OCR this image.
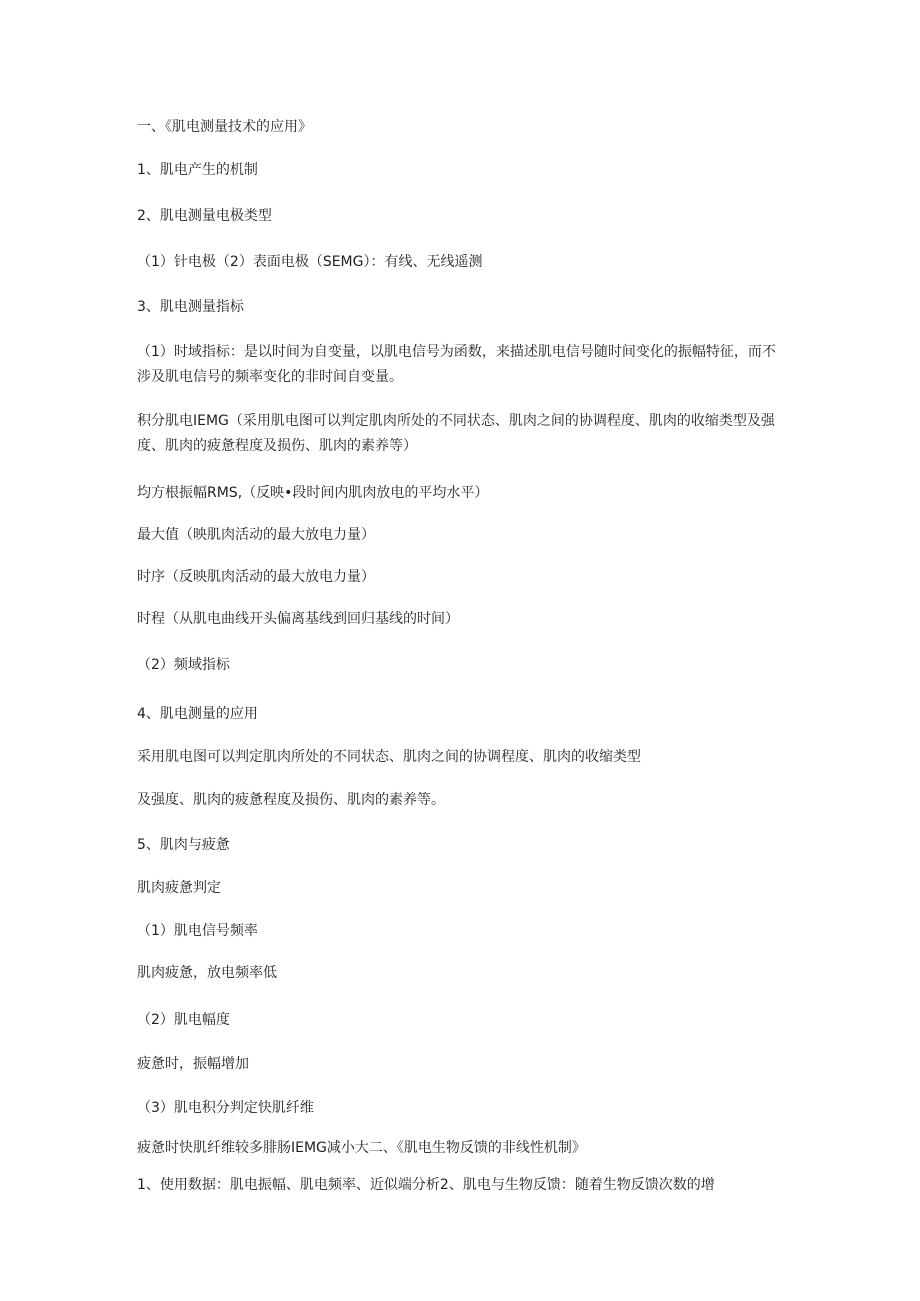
一、《肌电测量技术的应用》
1、肌电产生的机制
2、肌电测量电极类型
（1）针电极（2）表面电极（SEMG）：有线、无线遥测
3、肌电测量指标
（1）时域指标：是以时间为自变量，以肌电信号为函数，来描述肌电信号随时间变化的振幅特征，而不涉及肌电信号的频率变化的非时间自变量。
积分肌电IEMG（采用肌电图可以判定肌肉所处的不同状态、肌肉之间的协调程度、肌肉的收缩类型及强度、肌肉的疲惫程度及损伤、肌肉的素养等）
均方根振幅RMS,（反映•段时间内肌肉放电的平均水平）
最大值（映肌肉活动的最大放电力量）
时序（反映肌肉活动的最大放电力量）
时程（从肌电曲线开头偏离基线到回归基线的时间）
（2）频域指标
4、肌电测量的应用
采用肌电图可以判定肌肉所处的不同状态、肌肉之间的协调程度、肌肉的收缩类型
及强度、肌肉的疲惫程度及损伤、肌肉的素养等。
5、肌肉与疲惫
肌肉疲惫判定
（1）肌电信号频率
肌肉疲惫，放电频率低
（2）肌电幅度
疲惫时，振幅增加
（3）肌电积分判定快肌纤维
疲惫时快肌纤维较多腓肠IEMG减小大二、《肌电生物反馈的非线性机制》
1、使用数据：肌电振幅、肌电频率、近似端分析2、肌电与生物反馈：随着生物反馈次数的增
